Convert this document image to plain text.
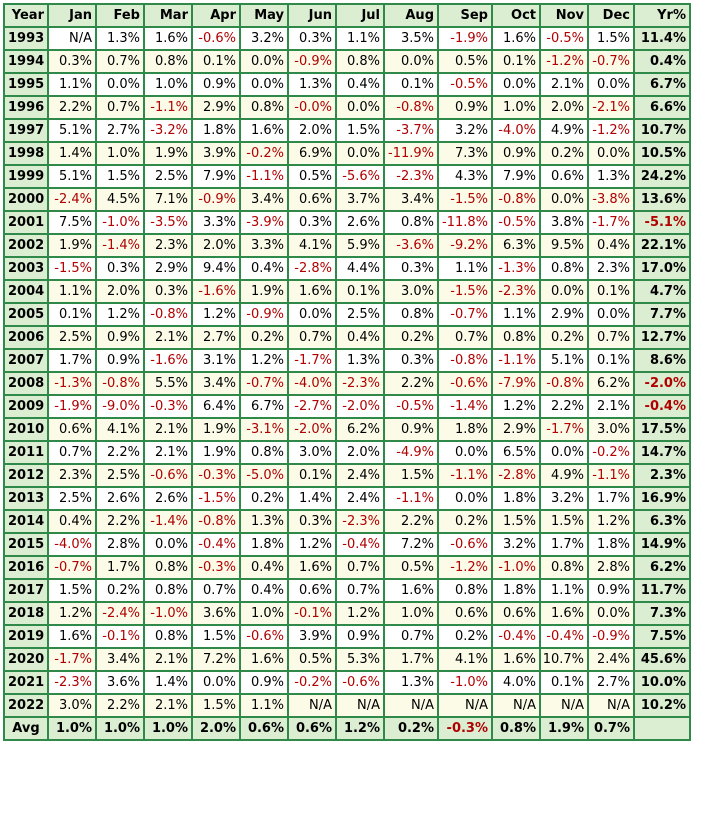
Year	Jan	Feb	Mar	Apr	May	Jun	Jul	Aug	Sep	Oct	Nov	Dec	Yr%
1993	N/A	1.3%	1.6%	-0.6%	3.2%	0.3%	1.1%	3.5%	-1.9%	1.6%	-0.5%	1.5%	11.4%
1994	0.3%	0.7%	0.8%	0.1%	0.0%	-0.9%	0.8%	0.0%	0.5%	0.1%	-1.2%	-0.7%	0.4%
1995	1.1%	0.0%	1.0%	0.9%	0.0%	1.3%	0.4%	0.1%	-0.5%	0.0%	2.1%	0.0%	6.7%
1996	2.2%	0.7%	-1.1%	2.9%	0.8%	-0.0%	0.0%	-0.8%	0.9%	1.0%	2.0%	-2.1%	6.6%
1997	5.1%	2.7%	-3.2%	1.8%	1.6%	2.0%	1.5%	-3.7%	3.2%	-4.0%	4.9%	-1.2%	10.7%
1998	1.4%	1.0%	1.9%	3.9%	-0.2%	6.9%	0.0%	-11.9%	7.3%	0.9%	0.2%	0.0%	10.5%
1999	5.1%	1.5%	2.5%	7.9%	-1.1%	0.5%	-5.6%	-2.3%	4.3%	7.9%	0.6%	1.3%	24.2%
2000	-2.4%	4.5%	7.1%	-0.9%	3.4%	0.6%	3.7%	3.4%	-1.5%	-0.8%	0.0%	-3.8%	13.6%
2001	7.5%	-1.0%	-3.5%	3.3%	-3.9%	0.3%	2.6%	0.8%	-11.8%	-0.5%	3.8%	-1.7%	-5.1%
2002	1.9%	-1.4%	2.3%	2.0%	3.3%	4.1%	5.9%	-3.6%	-9.2%	6.3%	9.5%	0.4%	22.1%
2003	-1.5%	0.3%	2.9%	9.4%	0.4%	-2.8%	4.4%	0.3%	1.1%	-1.3%	0.8%	2.3%	17.0%
2004	1.1%	2.0%	0.3%	-1.6%	1.9%	1.6%	0.1%	3.0%	-1.5%	-2.3%	0.0%	0.1%	4.7%
2005	0.1%	1.2%	-0.8%	1.2%	-0.9%	0.0%	2.5%	0.8%	-0.7%	1.1%	2.9%	0.0%	7.7%
2006	2.5%	0.9%	2.1%	2.7%	0.2%	0.7%	0.4%	0.2%	0.7%	0.8%	0.2%	0.7%	12.7%
2007	1.7%	0.9%	-1.6%	3.1%	1.2%	-1.7%	1.3%	0.3%	-0.8%	-1.1%	5.1%	0.1%	8.6%
2008	-1.3%	-0.8%	5.5%	3.4%	-0.7%	-4.0%	-2.3%	2.2%	-0.6%	-7.9%	-0.8%	6.2%	-2.0%
2009	-1.9%	-9.0%	-0.3%	6.4%	6.7%	-2.7%	-2.0%	-0.5%	-1.4%	1.2%	2.2%	2.1%	-0.4%
2010	0.6%	4.1%	2.1%	1.9%	-3.1%	-2.0%	6.2%	0.9%	1.8%	2.9%	-1.7%	3.0%	17.5%
2011	0.7%	2.2%	2.1%	1.9%	0.8%	3.0%	2.0%	-4.9%	0.0%	6.5%	0.0%	-0.2%	14.7%
2012	2.3%	2.5%	-0.6%	-0.3%	-5.0%	0.1%	2.4%	1.5%	-1.1%	-2.8%	4.9%	-1.1%	2.3%
2013	2.5%	2.6%	2.6%	-1.5%	0.2%	1.4%	2.4%	-1.1%	0.0%	1.8%	3.2%	1.7%	16.9%
2014	0.4%	2.2%	-1.4%	-0.8%	1.3%	0.3%	-2.3%	2.2%	0.2%	1.5%	1.5%	1.2%	6.3%
2015	-4.0%	2.8%	0.0%	-0.4%	1.8%	1.2%	-0.4%	7.2%	-0.6%	3.2%	1.7%	1.8%	14.9%
2016	-0.7%	1.7%	0.8%	-0.3%	0.4%	1.6%	0.7%	0.5%	-1.2%	-1.0%	0.8%	2.8%	6.2%
2017	1.5%	0.2%	0.8%	0.7%	0.4%	0.6%	0.7%	1.6%	0.8%	1.8%	1.1%	0.9%	11.7%
2018	1.2%	-2.4%	-1.0%	3.6%	1.0%	-0.1%	1.2%	1.0%	0.6%	0.6%	1.6%	0.0%	7.3%
2019	1.6%	-0.1%	0.8%	1.5%	-0.6%	3.9%	0.9%	0.7%	0.2%	-0.4%	-0.4%	-0.9%	7.5%
2020	-1.7%	3.4%	2.1%	7.2%	1.6%	0.5%	5.3%	1.7%	4.1%	1.6%	10.7%	2.4%	45.6%
2021	-2.3%	3.6%	1.4%	0.0%	0.9%	-0.2%	-0.6%	1.3%	-1.0%	4.0%	0.1%	2.7%	10.0%
2022	3.0%	2.2%	2.1%	1.5%	1.1%	N/A	N/A	N/A	N/A	N/A	N/A	N/A	10.2%
Avg	1.0%	1.0%	1.0%	2.0%	0.6%	0.6%	1.2%	0.2%	-0.3%	0.8%	1.9%	0.7%	
